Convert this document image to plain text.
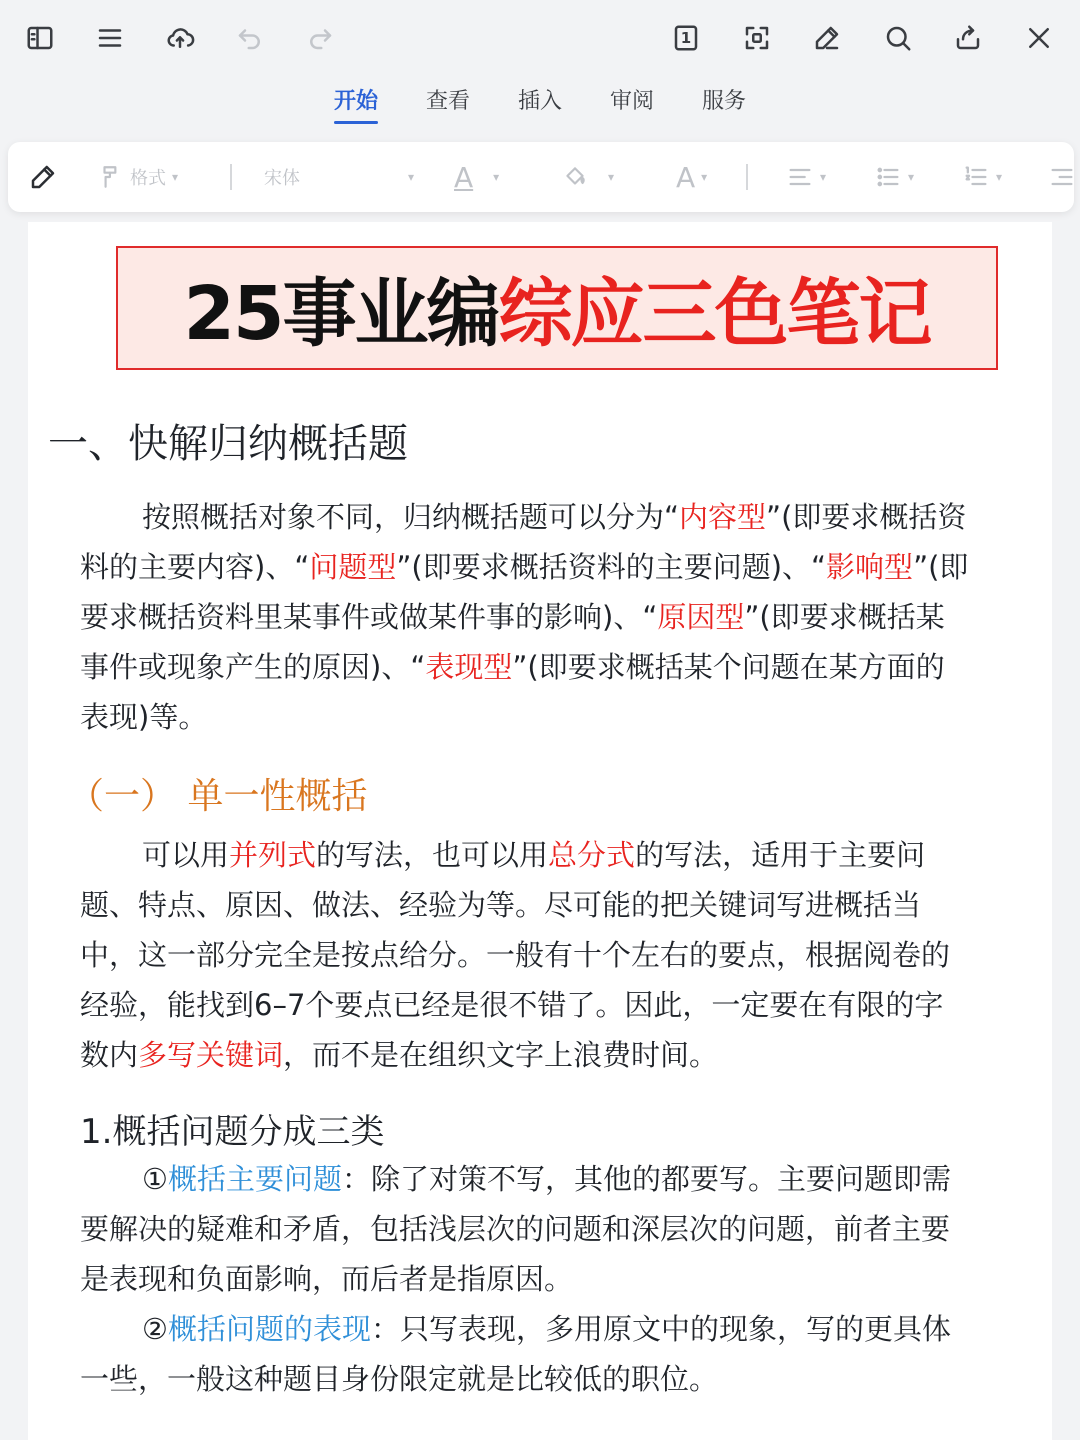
1
开始 查看 插入 审阅 服务
格式 ▾	宋体	▾ A ▾	▾ A ▾	▾	▾	▾
25事业编 综应三色笔记
一、快解归纳概括题
按照概括对象不同，归纳概括题可以分为“内容型”(即要求概括资
料的主要内容)、“问题型”(即要求概括资料的主要问题)、“影响型”(即
要求概括资料里某事件或做某件事的影响)、“原因型”(即要求概括某
事件或现象产生的原因)、“表现型”(即要求概括某个问题在某方面的
表现)等。
（一） 单一性概括
可以用并列式的写法，也可以用总分式的写法，适用于主要问
题、特点、原因、做法、经验为等。尽可能的把关键词写进概括当
中，这一部分完全是按点给分。一般有十个左右的要点，根据阅卷的
经验，能找到6–7个要点已经是很不错了。因此，一定要在有限的字
数内多写关键词，而不是在组织文字上浪费时间。
1.概括问题分成三类
①概括主要问题：除了对策不写，其他的都要写。主要问题即需
要解决的疑难和矛盾，包括浅层次的问题和深层次的问题，前者主要
是表现和负面影响，而后者是指原因。
②概括问题的表现：只写表现，多用原文中的现象，写的更具体
一些，一般这种题目身份限定就是比较低的职位。
